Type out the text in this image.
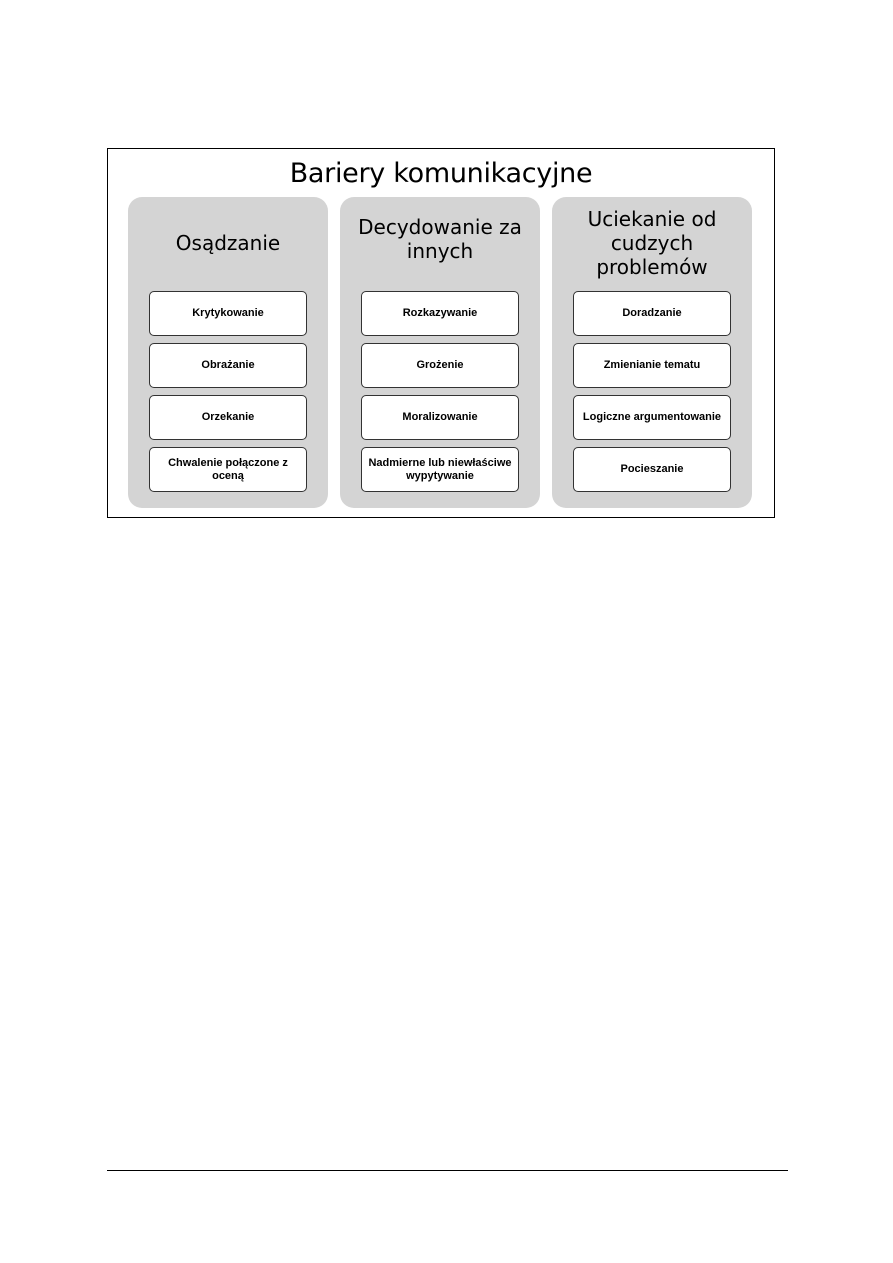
Bariery komunikacyjne
Osądzanie
Krytykowanie
Obrażanie
Orzekanie
Chwalenie połączone z oceną
Decydowanie za innych
Rozkazywanie
Grożenie
Moralizowanie
Nadmierne lub niewłaściwe wypytywanie
Uciekanie od cudzych problemów
Doradzanie
Zmienianie tematu
Logiczne argumentowanie
Pocieszanie
